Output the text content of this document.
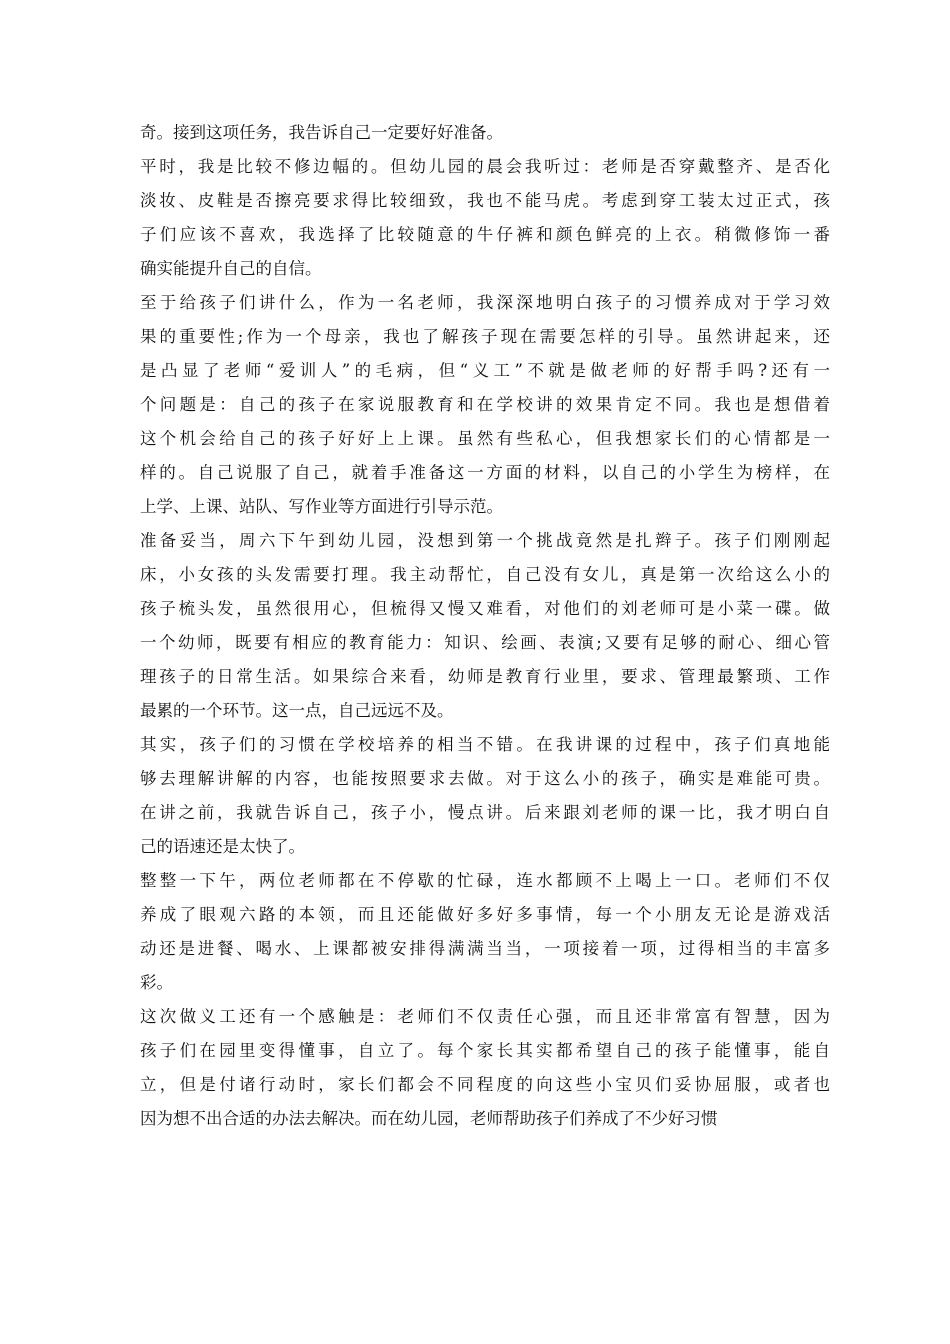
奇。接到这项任务，我告诉自己一定要好好准备。
平时，我是比较不修边幅的。但幼儿园的晨会我听过：老师是否穿戴整齐、是否化
淡妆、皮鞋是否擦亮要求得比较细致，我也不能马虎。考虑到穿工装太过正式，孩
子们应该不喜欢，我选择了比较随意的牛仔裤和颜色鲜亮的上衣。稍微修饰一番
确实能提升自己的自信。
至于给孩子们讲什么，作为一名老师，我深深地明白孩子的习惯养成对于学习效
果的重要性;作为一个母亲，我也了解孩子现在需要怎样的引导。虽然讲起来，还
是凸显了老师“爱训人”的毛病，但“义工”不就是做老师的好帮手吗?还有一
个问题是：自己的孩子在家说服教育和在学校讲的效果肯定不同。我也是想借着
这个机会给自己的孩子好好上上课。虽然有些私心，但我想家长们的心情都是一
样的。自己说服了自己，就着手准备这一方面的材料，以自己的小学生为榜样，在
上学、上课、站队、写作业等方面进行引导示范。
准备妥当，周六下午到幼儿园，没想到第一个挑战竟然是扎辫子。孩子们刚刚起
床，小女孩的头发需要打理。我主动帮忙，自己没有女儿，真是第一次给这么小的
孩子梳头发，虽然很用心，但梳得又慢又难看，对他们的刘老师可是小菜一碟。做
一个幼师，既要有相应的教育能力：知识、绘画、表演;又要有足够的耐心、细心管
理孩子的日常生活。如果综合来看，幼师是教育行业里，要求、管理最繁琐、工作
最累的一个环节。这一点，自己远远不及。
其实，孩子们的习惯在学校培养的相当不错。在我讲课的过程中，孩子们真地能
够去理解讲解的内容，也能按照要求去做。对于这么小的孩子，确实是难能可贵。
在讲之前，我就告诉自己，孩子小，慢点讲。后来跟刘老师的课一比，我才明白自
己的语速还是太快了。
整整一下午，两位老师都在不停歇的忙碌，连水都顾不上喝上一口。老师们不仅
养成了眼观六路的本领，而且还能做好多好多事情，每一个小朋友无论是游戏活
动还是进餐、喝水、上课都被安排得满满当当，一项接着一项，过得相当的丰富多
彩。
这次做义工还有一个感触是：老师们不仅责任心强，而且还非常富有智慧，因为
孩子们在园里变得懂事，自立了。每个家长其实都希望自己的孩子能懂事，能自
立，但是付诸行动时，家长们都会不同程度的向这些小宝贝们妥协屈服，或者也
因为想不出合适的办法去解决。而在幼儿园，老师帮助孩子们养成了不少好习惯
